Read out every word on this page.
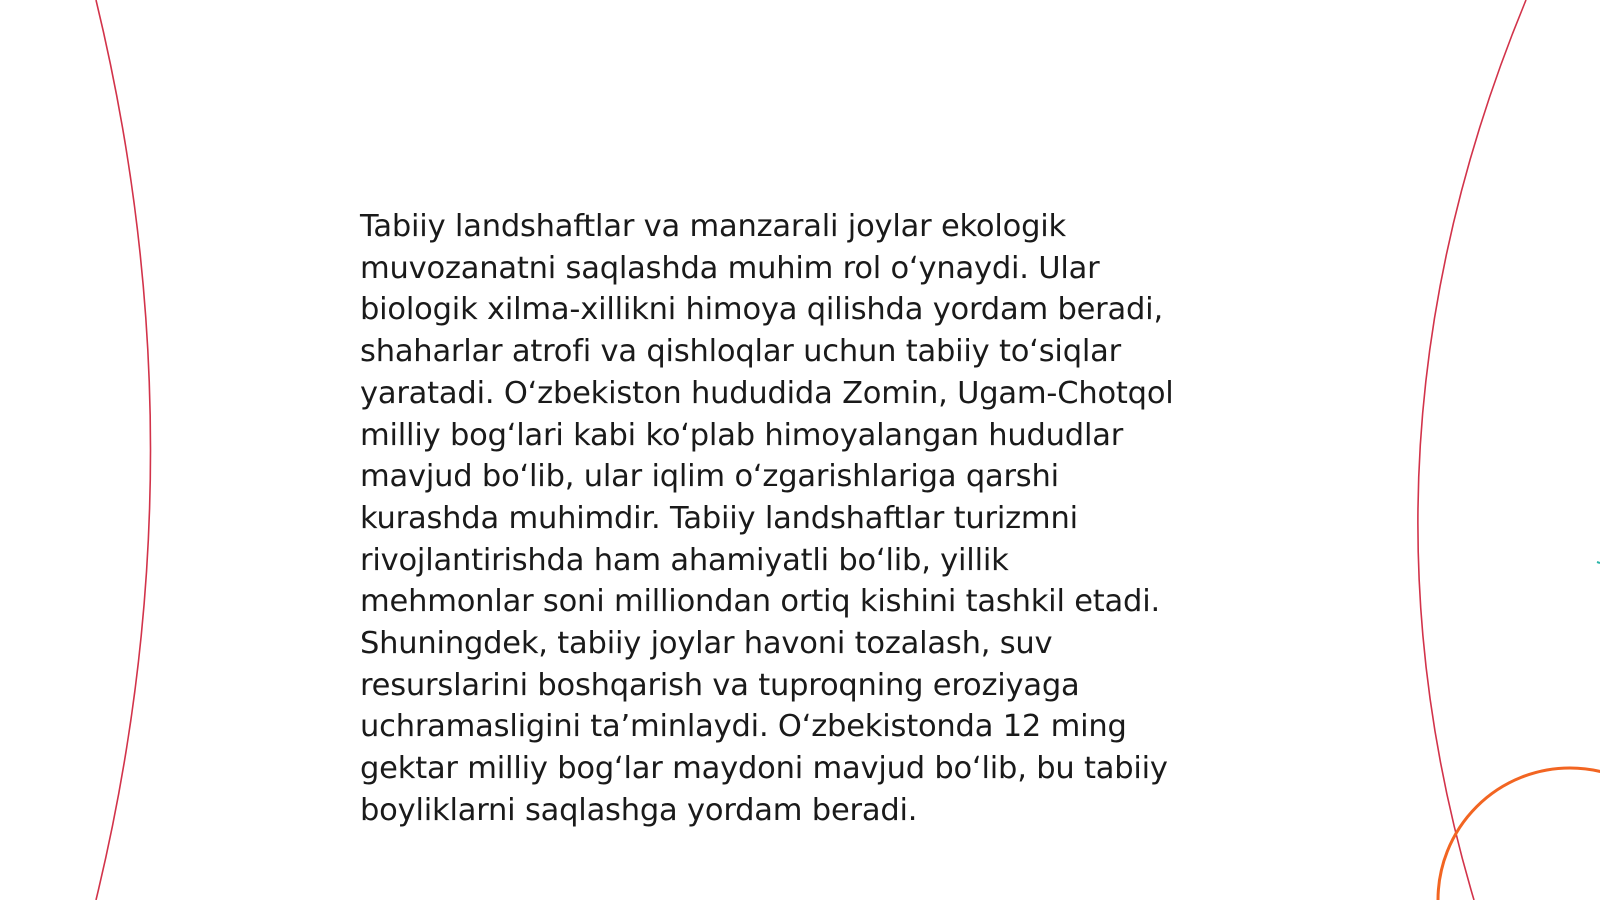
Tabiiy landshaftlar va manzarali joylar ekologik
muvozanatni saqlashda muhim rol o‘ynaydi. Ular
biologik xilma-xillikni himoya qilishda yordam beradi,
shaharlar atrofi va qishloqlar uchun tabiiy to‘siqlar
yaratadi. O‘zbekiston hududida Zomin, Ugam-Chotqol
milliy bog‘lari kabi ko‘plab himoyalangan hududlar
mavjud bo‘lib, ular iqlim o‘zgarishlariga qarshi
kurashda muhimdir. Tabiiy landshaftlar turizmni
rivojlantirishda ham ahamiyatli bo‘lib, yillik
mehmonlar soni milliondan ortiq kishini tashkil etadi.
Shuningdek, tabiiy joylar havoni tozalash, suv
resurslarini boshqarish va tuproqning eroziyaga
uchramasligini ta’minlaydi. O‘zbekistonda 12 ming
gektar milliy bog‘lar maydoni mavjud bo‘lib, bu tabiiy
boyliklarni saqlashga yordam beradi.
